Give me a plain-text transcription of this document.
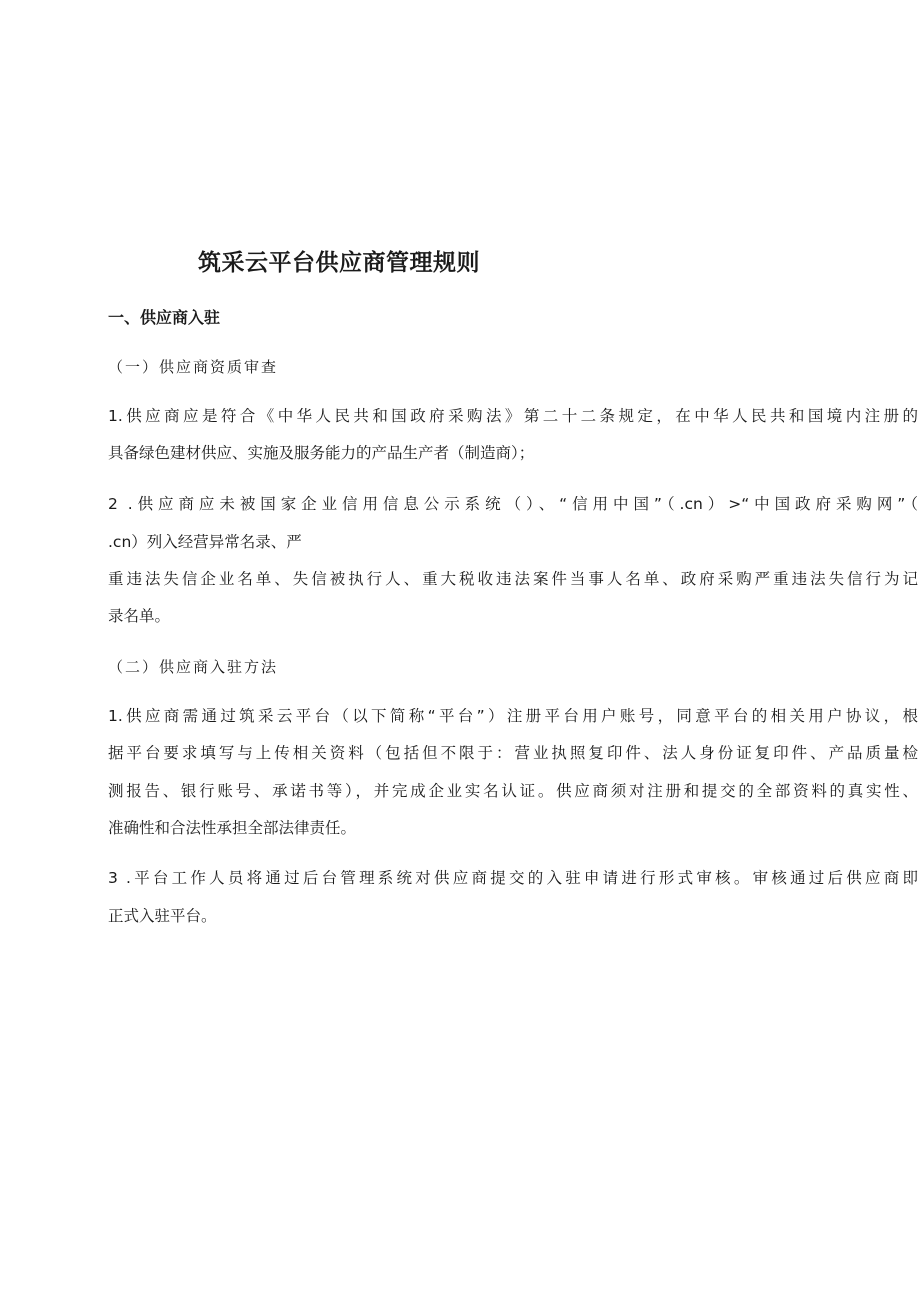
筑采云平台供应商管理规则
一、供应商入驻
（一）供应商资质审查
1.供应商应是符合《中华人民共和国政府采购法》第二十二条规定，在中华人民共和国境内注册的
具备绿色建材供应、实施及服务能力的产品生产者（制造商）；
2 .供应商应未被国家企业信用信息公示系统（）、“信用中国”（.cn）>“中国政府采购网”（
.cn）列入经营异常名录、严
重违法失信企业名单、失信被执行人、重大税收违法案件当事人名单、政府采购严重违法失信行为记
录名单。
（二）供应商入驻方法
1.供应商需通过筑采云平台（以下简称“平台”）注册平台用户账号，同意平台的相关用户协议，根
据平台要求填写与上传相关资料（包括但不限于：营业执照复印件、法人身份证复印件、产品质量检
测报告、银行账号、承诺书等），并完成企业实名认证。供应商须对注册和提交的全部资料的真实性、
准确性和合法性承担全部法律责任。
3 .平台工作人员将通过后台管理系统对供应商提交的入驻申请进行形式审核。审核通过后供应商即
正式入驻平台。
